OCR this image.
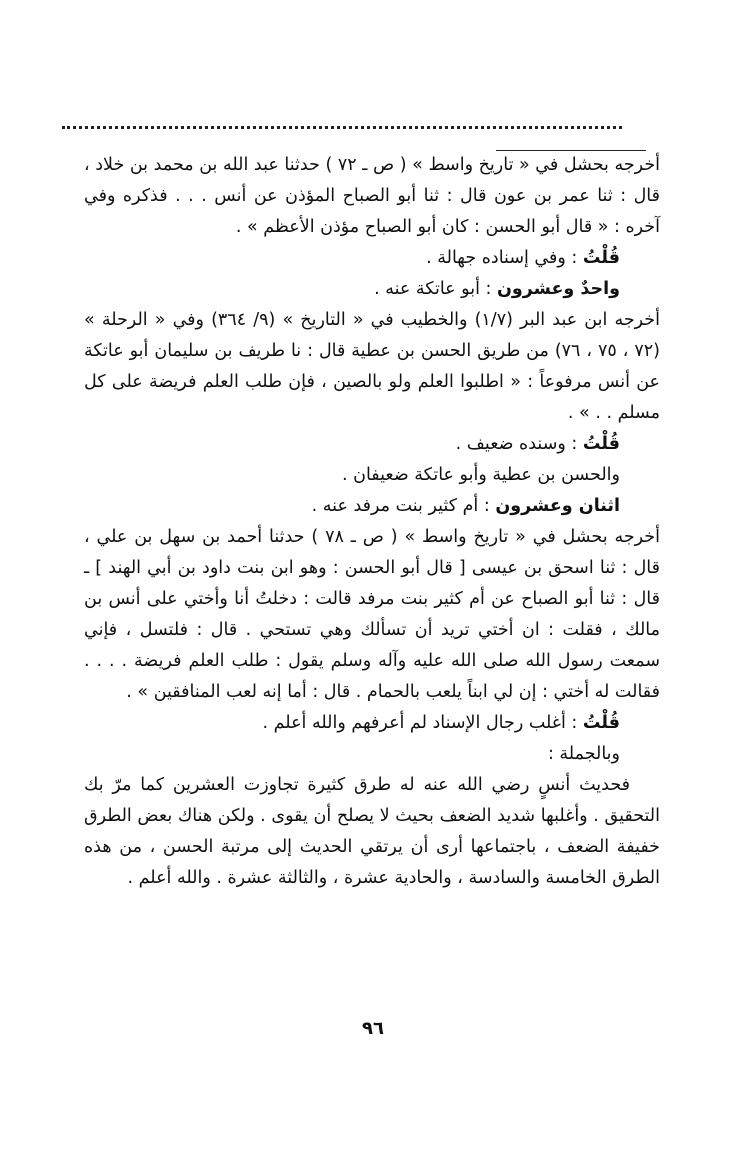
أخرجه بحشل في « تاريخ واسط » ( ص ـ ٧٢ ) حدثنا عبد الله بن محمد بن خلاد ، قال : ثنا عمر بن عون قال : ثنا أبو الصباح المؤذن عن أنس . . . فذكره وفي آخره : « قال أبو الحسن : كان أبو الصباح مؤذن الأعظم » .

قُلْتُ : وفي إسناده جهالة .

واحدٌ وعشرون : أبو عاتكة عنه .

أخرجه ابن عبد البر (١/٧) والخطيب في « التاريخ » (٩/ ٣٦٤) وفي « الرحلة » (٧٢ ، ٧٥ ، ٧٦) من طريق الحسن بن عطية قال : نا طريف بن سليمان أبو عاتكة عن أنس مرفوعاً : « اطلبوا العلم ولو بالصين ، فإن طلب العلم فريضة على كل مسلم . . » .

قُلْتُ : وسنده ضعيف .

والحسن بن عطية وأبو عاتكة ضعيفان .

اثنان وعشرون : أم كثير بنت مرفد عنه .

أخرجه بحشل في « تاريخ واسط » ( ص ـ ٧٨ ) حدثنا أحمد بن سهل بن علي ، قال : ثنا اسحق بن عيسى [ قال أبو الحسن : وهو ابن بنت داود بن أبي الهند ] ـ قال : ثنا أبو الصباح عن أم كثير بنت مرفد قالت : دخلتُ أنا وأختي على أنس بن مالك ، فقلت : ان أختي تريد أن تسألك وهي تستحي . قال : فلتسل ، فإني سمعت رسول الله صلى الله عليه وآله وسلم يقول : طلب العلم فريضة . . . . فقالت له أختي : إن لي ابناً يلعب بالحمام . قال : أما إنه لعب المنافقين » .

قُلْتُ : أغلب رجال الإسناد لم أعرفهم والله أعلم .

وبالجملة :

فحديث أنسٍ رضي الله عنه له طرق كثيرة تجاوزت العشرين كما مرّ بك التحقيق . وأغلبها شديد الضعف بحيث لا يصلح أن يقوى . ولكن هناك بعض الطرق خفيفة الضعف ، باجتماعها أرى أن يرتقي الحديث إلى مرتبة الحسن ، من هذه الطرق الخامسة والسادسة ، والحادية عشرة ، والثالثة عشرة . والله أعلم .

٩٦
